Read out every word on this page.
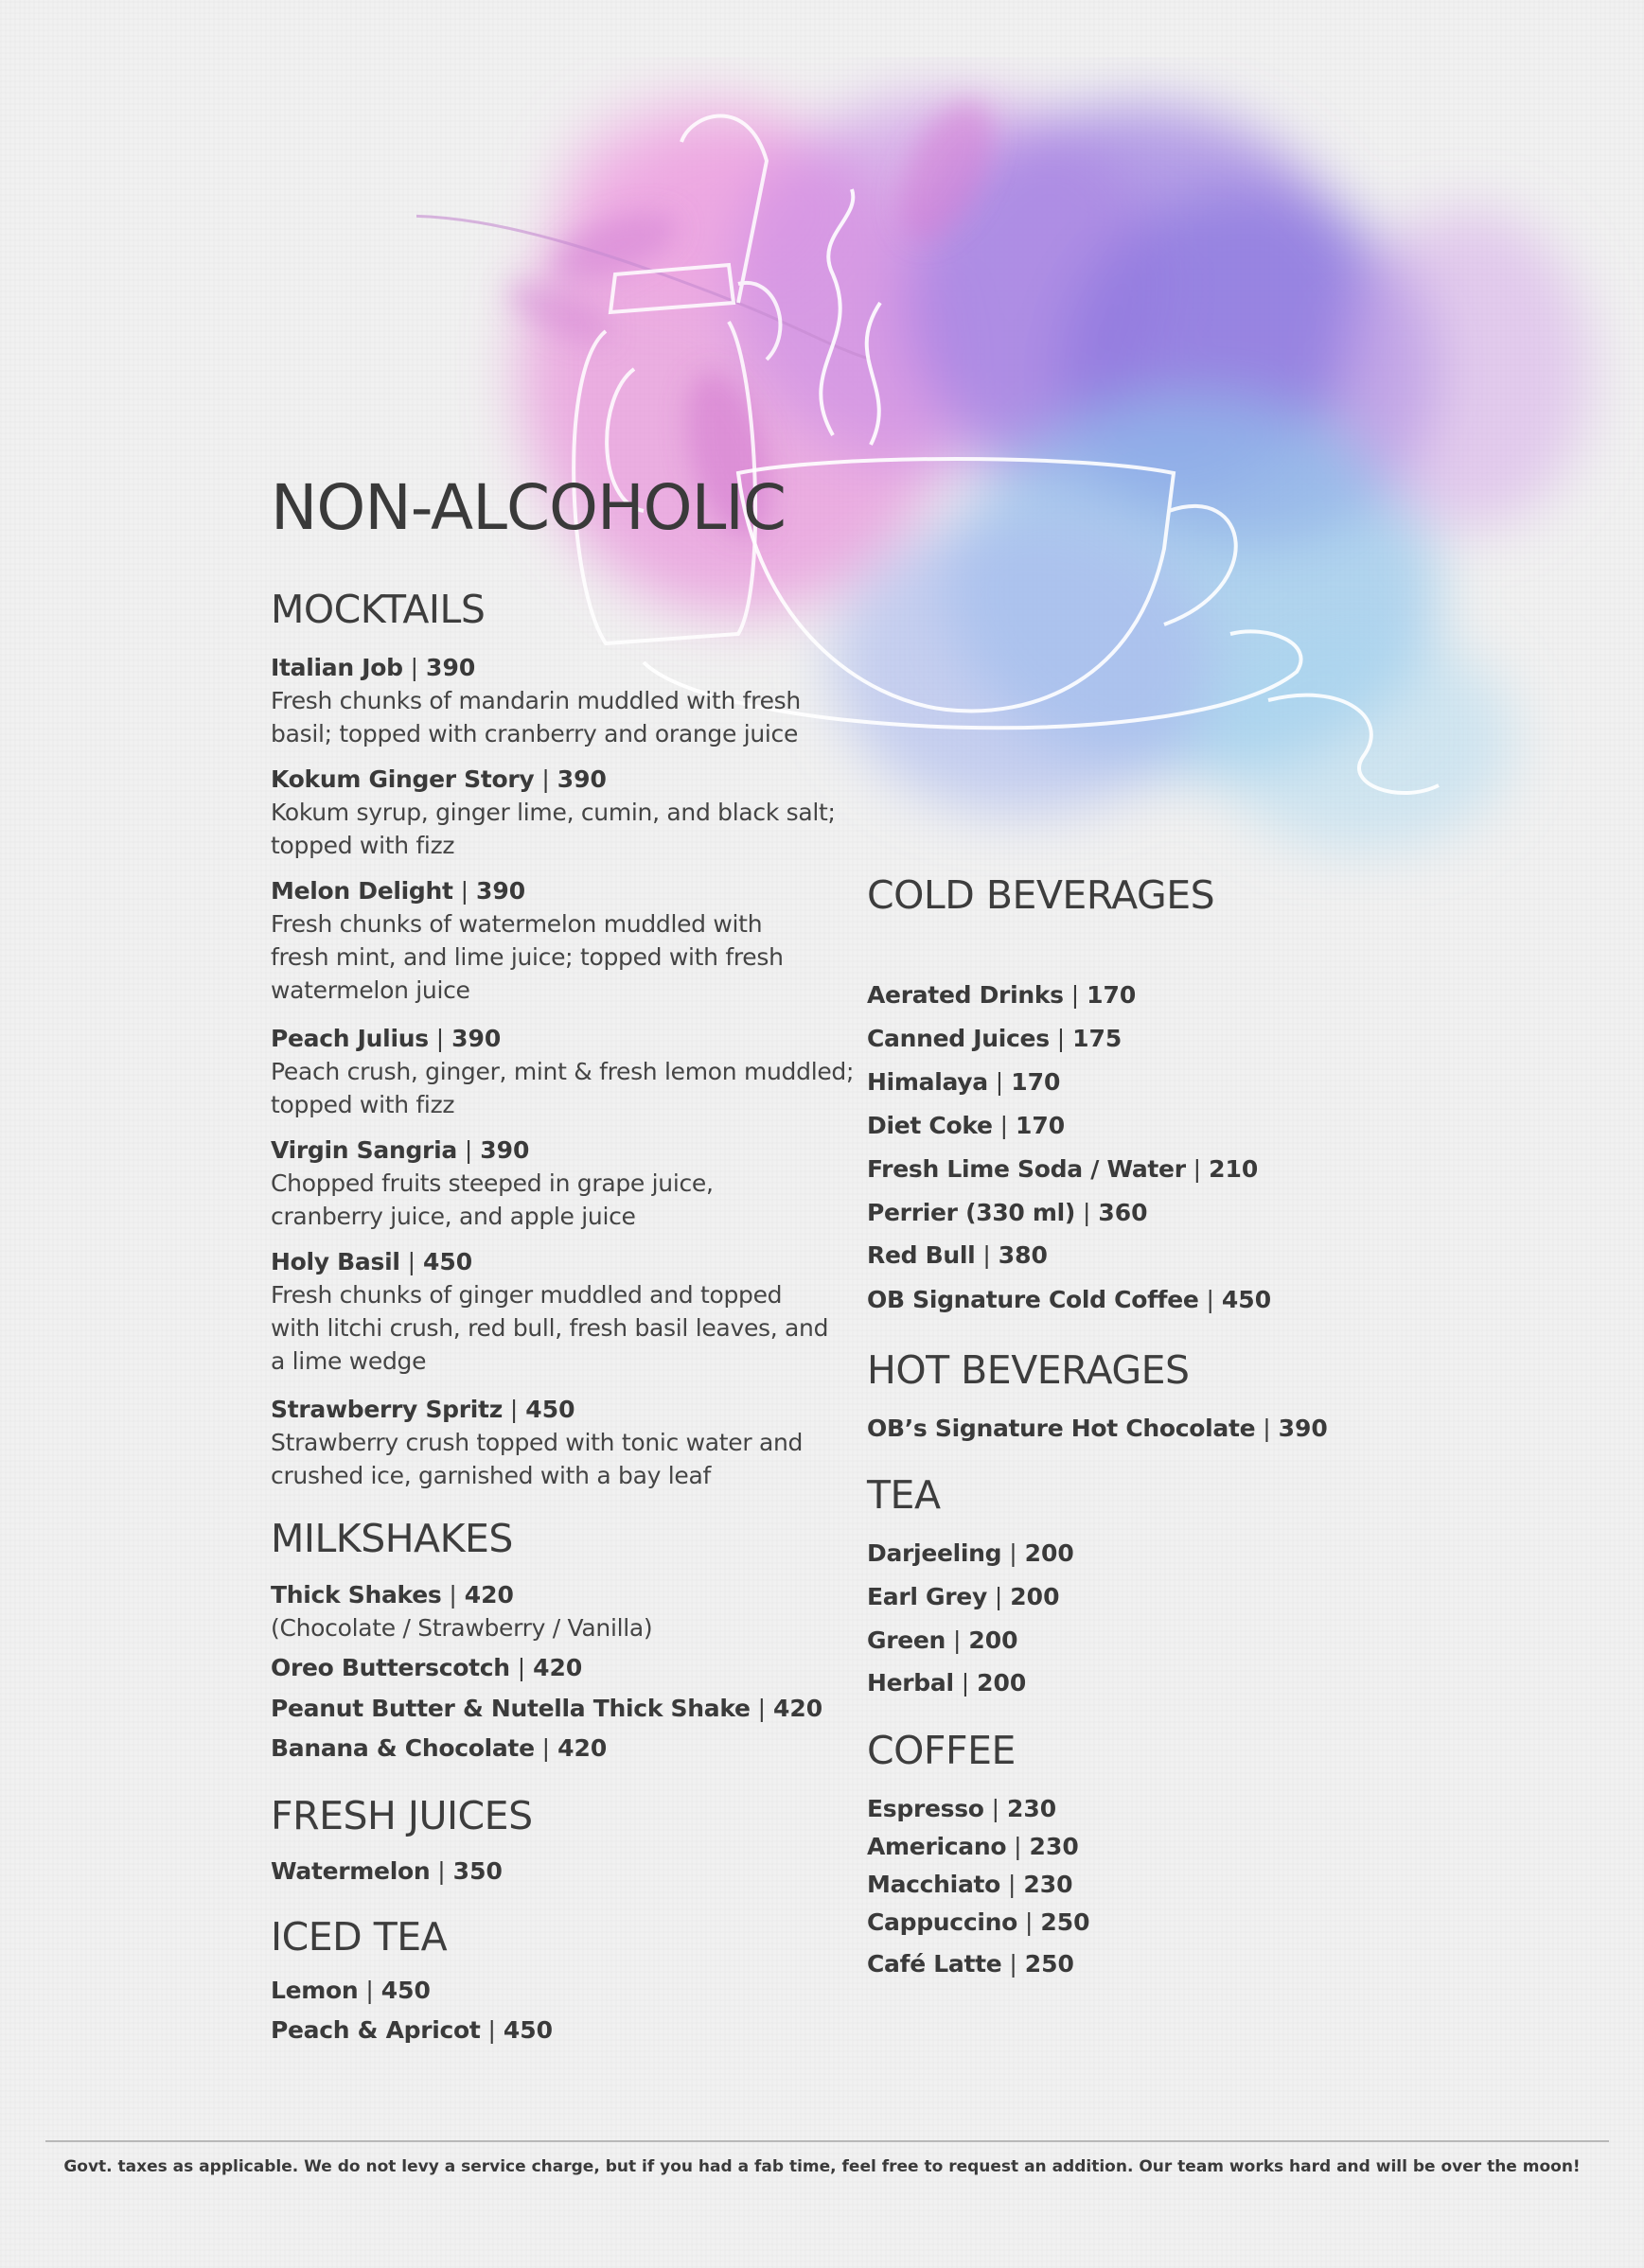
NON-ALCOHOLIC
MOCKTAILS
Italian Job | 390
Fresh chunks of mandarin muddled with fresh
basil; topped with cranberry and orange juice
Kokum Ginger Story | 390
Kokum syrup, ginger lime, cumin, and black salt;
topped with fizz
Melon Delight | 390
Fresh chunks of watermelon muddled with
fresh mint, and lime juice; topped with fresh
watermelon juice
Peach Julius | 390
Peach crush, ginger, mint & fresh lemon muddled;
topped with fizz
Virgin Sangria | 390
Chopped fruits steeped in grape juice,
cranberry juice, and apple juice
Holy Basil | 450
Fresh chunks of ginger muddled and topped
with litchi crush, red bull, fresh basil leaves, and
a lime wedge
Strawberry Spritz | 450
Strawberry crush topped with tonic water and
crushed ice, garnished with a bay leaf
MILKSHAKES
Thick Shakes | 420
(Chocolate / Strawberry / Vanilla)
Oreo Butterscotch | 420
Peanut Butter & Nutella Thick Shake | 420
Banana & Chocolate | 420
FRESH JUICES
Watermelon | 350
ICED TEA
Lemon | 450
Peach & Apricot | 450
COLD BEVERAGES
Aerated Drinks | 170
Canned Juices | 175
Himalaya | 170
Diet Coke | 170
Fresh Lime Soda / Water | 210
Perrier (330 ml) | 360
Red Bull | 380
OB Signature Cold Coffee | 450
HOT BEVERAGES
OB’s Signature Hot Chocolate | 390
TEA
Darjeeling | 200
Earl Grey | 200
Green | 200
Herbal | 200
COFFEE
Espresso | 230
Americano | 230
Macchiato | 230
Cappuccino | 250
Café Latte | 250
Govt. taxes as applicable. We do not levy a service charge, but if you had a fab time, feel free to request an addition. Our team works hard and will be over the moon!
